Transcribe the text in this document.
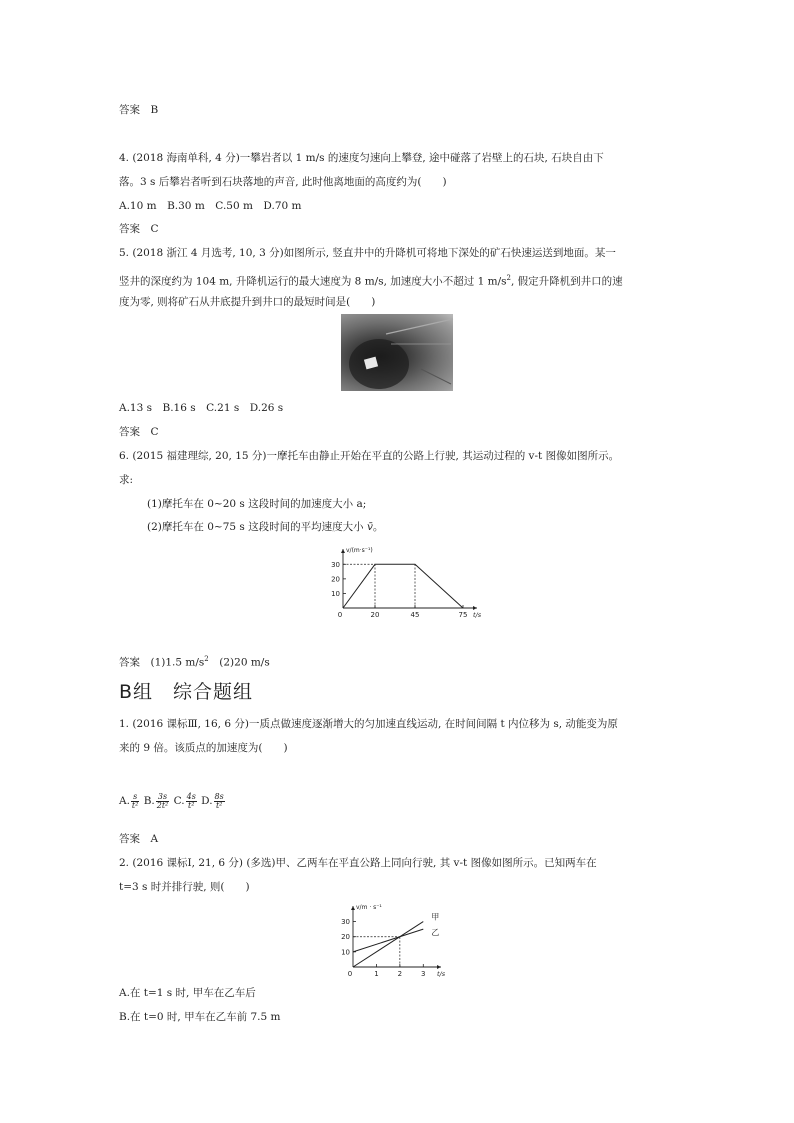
答案　B
4. (2018 海南单科, 4 分)一攀岩者以 1 m/s 的速度匀速向上攀登, 途中碰落了岩壁上的石块, 石块自由下
落。3 s 后攀岩者听到石块落地的声音, 此时他离地面的高度约为(　　)
A.10 m　B.30 m　C.50 m　D.70 m
答案　C
5. (2018 浙江 4 月选考, 10, 3 分)如图所示, 竖直井中的升降机可将地下深处的矿石快速运送到地面。某一
竖井的深度约为 104 m, 升降机运行的最大速度为 8 m/s, 加速度大小不超过 1 $m/s^2$, 假定升降机到井口的速
度为零, 则将矿石从井底提升到井口的最短时间是(　　)
A.13 s　B.16 s　C.21 s　D.26 s
答案　C
6. (2015 福建理综, 20, 15 分)一摩托车由静止开始在平直的公路上行驶, 其运动过程的 v-t 图像如图所示。
求:
(1)摩托车在 0~20 s 这段时间的加速度大小 a;
(2)摩托车在 0~75 s 这段时间的平均速度大小 v̄。
v/(m·s⁻¹)
t/s
10
20
30
0	20	45	75
答案　(1)1.5 $m/s^2$　(2)20 m/s
B组　综合题组
1. (2016 课标Ⅲ, 16, 6 分)一质点做速度逐渐增大的匀加速直线运动, 在时间间隔 t 内位移为 s, 动能变为原
来的 9 倍。该质点的加速度为(　　)
A. $\frac{s}{\text{t²}} B$. $\frac{3s}{\text{2t²}} C$. $\frac{4s}{\text{t²}} D$. $\frac{8s}{\text{t²}}$
答案　A
2. (2016 课标Ⅰ, 21, 6 分) (多选)甲、乙两车在平直公路上同向行驶, 其 v-t 图像如图所示。已知两车在
t=3 s 时并排行驶, 则(　　)
v/m · s⁻¹
t/s
10
20
30
0	1	2	3
甲
乙
A.在 t=1 s 时, 甲车在乙车后
B.在 t=0 时, 甲车在乙车前 7.5 m
